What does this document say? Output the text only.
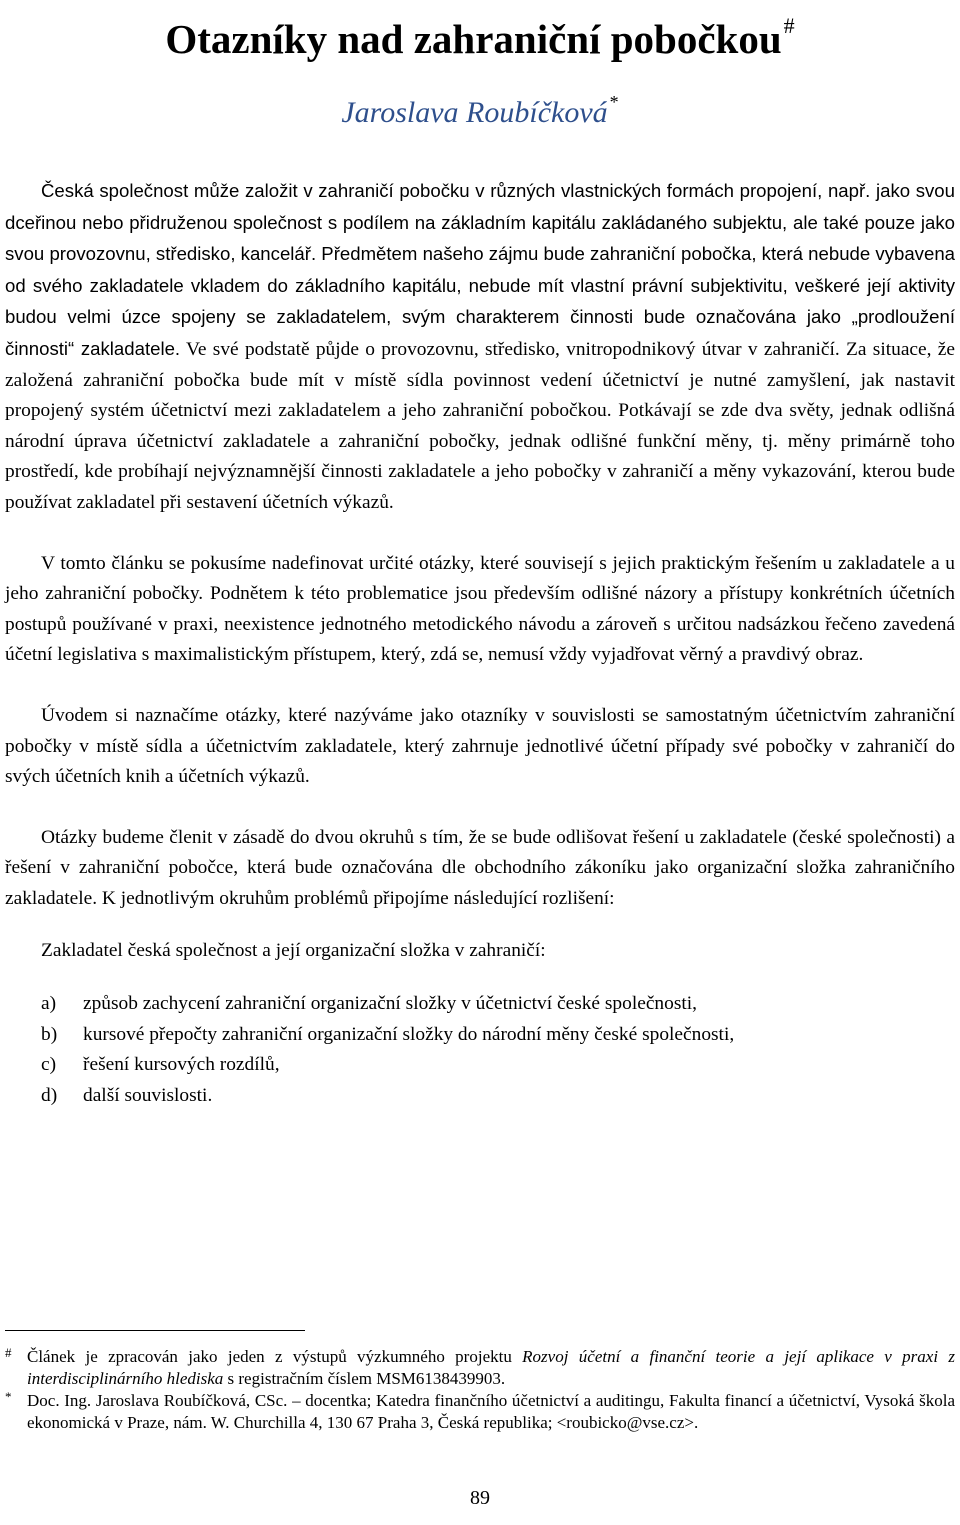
Otazníky nad zahraniční pobočkou#
Jaroslava Roubíčková *

Česká společnost může založit v zahraničí pobočku v různých vlastnických formách propojení, např. jako svou dceřinou nebo přidruženou společnost s podílem na základním kapitálu zakládaného subjektu, ale také pouze jako svou provozovnu, středisko, kancelář. Předmětem našeho zájmu bude zahraniční pobočka, která nebude vybavena od svého zakladatele vkladem do základního kapitálu, nebude mít vlastní právní subjektivitu, veškeré její aktivity budou velmi úzce spojeny se zakladatelem, svým charakterem činnosti bude označována jako „prodloužení činnosti“ zakladatele. Ve své podstatě půjde o provozovnu, středisko, vnitropodnikový útvar v zahraničí. Za situace, že založená zahraniční pobočka bude mít v místě sídla povinnost vedení účetnictví je nutné zamyšlení, jak nastavit propojený systém účetnictví mezi zakladatelem a jeho zahraniční pobočkou. Potkávají se zde dva světy, jednak odlišná národní úprava účetnictví zakladatele a zahraniční pobočky, jednak odlišné funkční měny, tj. měny primárně toho prostředí, kde probíhají nejvýznamnější činnosti zakladatele a jeho pobočky v zahraničí a měny vykazování, kterou bude používat zakladatel při sestavení účetních výkazů.

V tomto článku se pokusíme nadefinovat určité otázky, které souvisejí s jejich praktickým řešením u zakladatele a u jeho zahraniční pobočky. Podnětem k této problematice jsou především odlišné názory a přístupy konkrétních účetních postupů používané v praxi, neexistence jednotného metodického návodu a zároveň s určitou nadsázkou řečeno zavedená účetní legislativa s maximalistickým přístupem, který, zdá se, nemusí vždy vyjadřovat věrný a pravdivý obraz.

Úvodem si naznačíme otázky, které nazýváme jako otazníky v souvislosti se samostatným účetnictvím zahraniční pobočky v místě sídla a účetnictvím zakladatele, který zahrnuje jednotlivé účetní případy své pobočky v zahraničí do svých účetních knih a účetních výkazů.

Otázky budeme členit v zásadě do dvou okruhů s tím, že se bude odlišovat řešení u zakladatele (české společnosti) a řešení v zahraniční pobočce, která bude označována dle obchodního zákoníku jako organizační složka zahraničního zakladatele. K jednotlivým okruhům problémů připojíme následující rozlišení:

Zakladatel česká společnost a její organizační složka v zahraničí:

a)	způsob zachycení zahraniční organizační složky v účetnictví české společnosti,
b)	kursové přepočty zahraniční organizační složky do národní měny české společnosti,
c)	řešení kursových rozdílů,
d)	další souvislosti.
# Článek je zpracován jako jeden z výstupů výzkumného projektu Rozvoj účetní a finanční teorie a její aplikace v praxi z interdisciplinárního hlediska s registračním číslem MSM6138439903.
* Doc. Ing. Jaroslava Roubíčková, CSc. – docentka; Katedra finančního účetnictví a auditingu, Fakulta financí a účetnictví, Vysoká škola ekonomická v Praze, nám. W. Churchilla 4, 130 67 Praha 3, Česká republika; <roubicko@vse.cz>.
89
